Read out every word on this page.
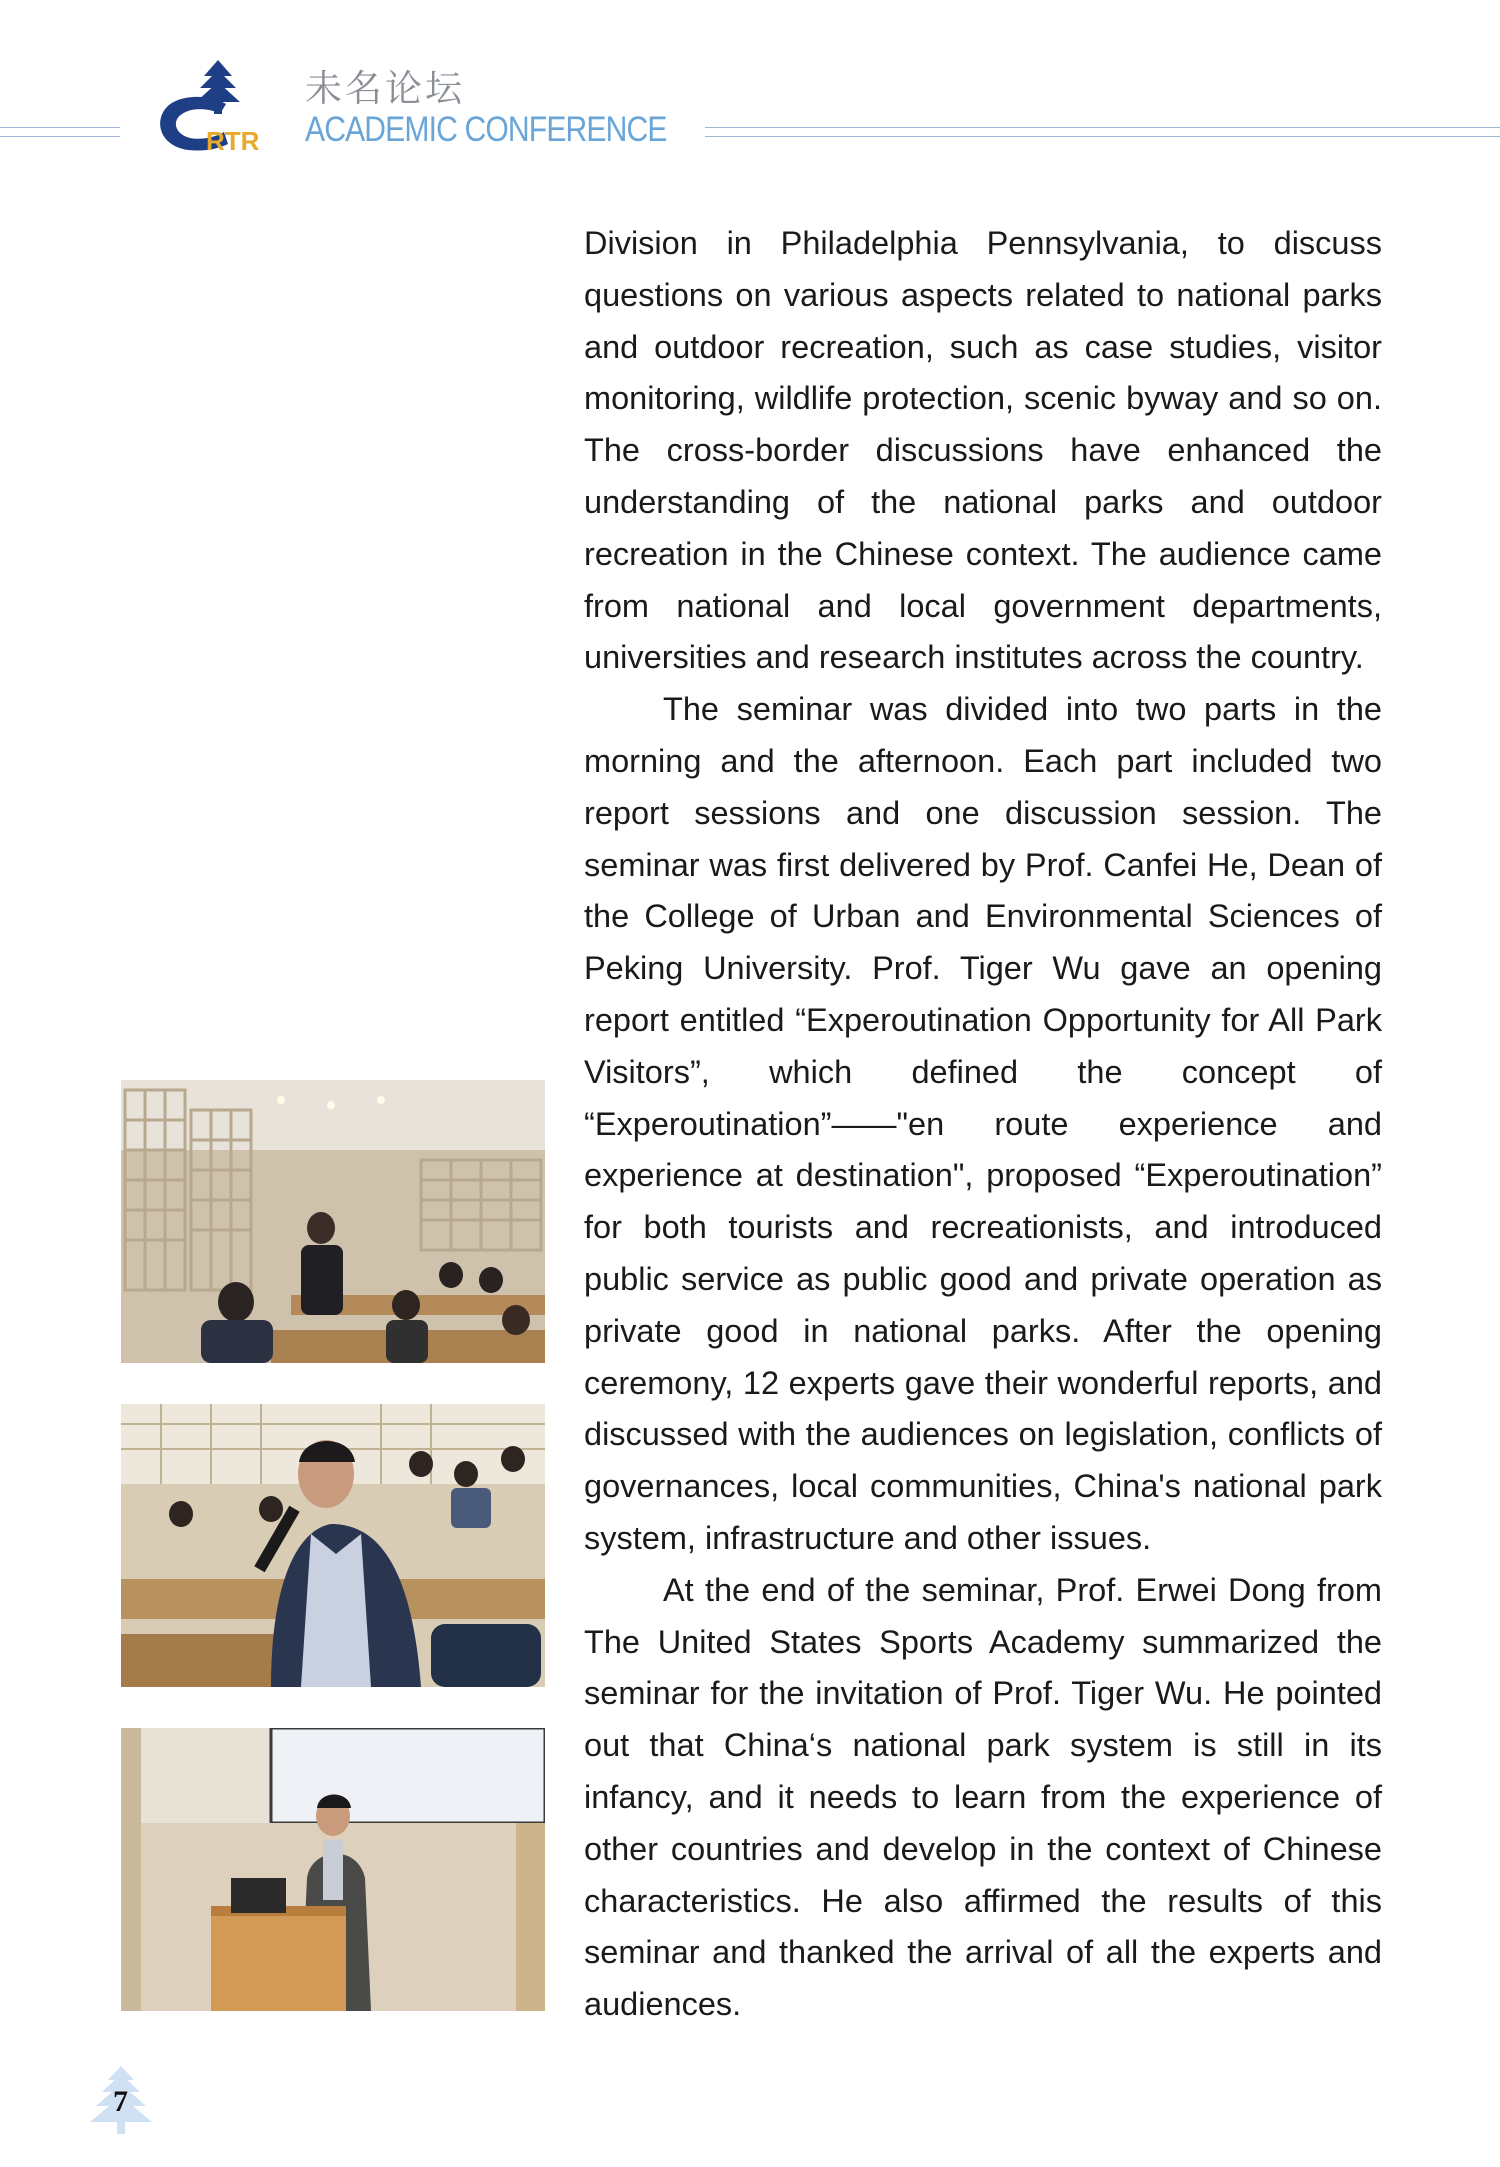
RTR
未名论坛
ACADEMIC CONFERENCE

Division in Philadelphia Pennsylvania, to discuss questions on various aspects related to national parks and outdoor recreation, such as case studies, visitor monitoring, wildlife protection, scenic byway and so on. The cross-border discussions have enhanced the understanding of the national parks and outdoor recreation in the Chinese context. The audience came from national and local government departments, universities and research institutes across the country.

The seminar was divided into two parts in the morning and the afternoon. Each part included two report sessions and one discussion session. The seminar was first delivered by Prof. Canfei He, Dean of the College of Urban and Environmental Sciences of Peking University. Prof. Tiger Wu gave an opening report entitled “Experoutination Opportunity for All Park Visitors”, which defined the concept of “Experoutination”——"en route experience and experience at destination", proposed “Experoutination” for both tourists and recreationists, and introduced public service as public good and private operation as private good in national parks. After the opening ceremony, 12 experts gave their wonderful reports, and discussed with the audiences on legislation, conflicts of governances, local communities, China's national park system, infrastructure and other issues.

At the end of the seminar, Prof. Erwei Dong from The United States Sports Academy summarized the seminar for the invitation of Prof. Tiger Wu. He pointed out that China‘s national park system is still in its infancy, and it needs to learn from the experience of other countries and develop in the context of Chinese characteristics. He also affirmed the results of this seminar and thanked the arrival of all the experts and audiences.

7
